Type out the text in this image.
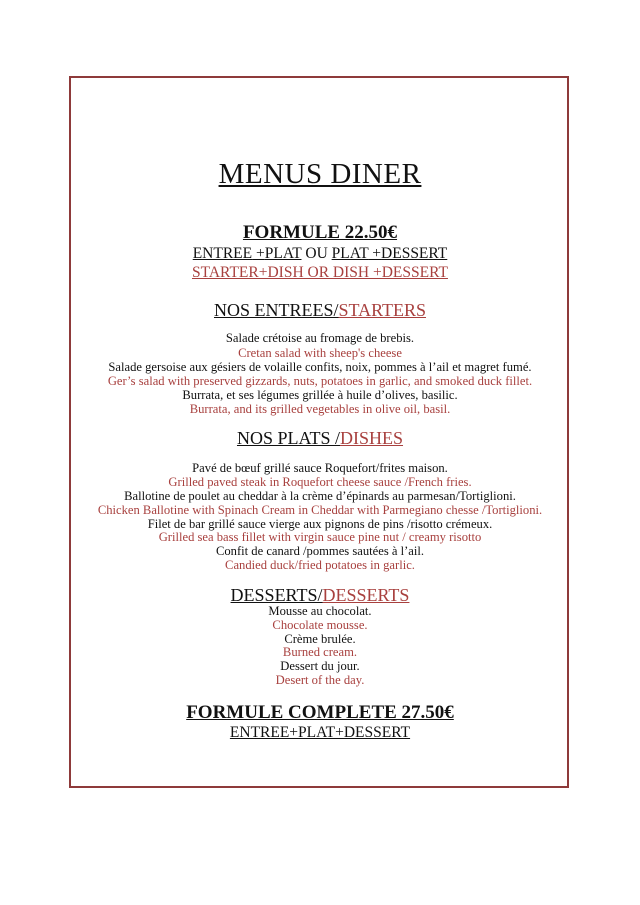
MENUS DINER
FORMULE 22.50€
ENTREE +PLAT OU PLAT +DESSERT
STARTER+DISH OR DISH +DESSERT
NOS ENTREES/STARTERS
Salade crétoise au fromage de brebis.
Cretan salad with sheep's cheese
Salade gersoise aux gésiers de volaille confits, noix, pommes à l’ail et magret fumé.
Ger’s salad with preserved gizzards, nuts, potatoes in garlic, and smoked duck fillet.
Burrata, et ses légumes grillée à huile d’olives, basilic.
Burrata, and its grilled vegetables in olive oil, basil.
NOS PLATS /DISHES
Pavé de bœuf grillé sauce Roquefort/frites maison.
Grilled paved steak in Roquefort cheese sauce /French fries.
Ballotine de poulet au cheddar à la crème d’épinards au parmesan/Tortiglioni.
Chicken Ballotine with Spinach Cream in Cheddar with Parmegiano chesse /Tortiglioni.
Filet de bar grillé sauce vierge aux pignons de pins /risotto crémeux.
Grilled sea bass fillet with virgin sauce pine nut / creamy risotto
Confit de canard /pommes sautées à l’ail.
Candied duck/fried potatoes in garlic.
DESSERTS/DESSERTS
Mousse au chocolat.
Chocolate mousse.
Crème brulée.
Burned cream.
Dessert du jour.
Desert of the day.
FORMULE COMPLETE 27.50€
ENTREE+PLAT+DESSERT
